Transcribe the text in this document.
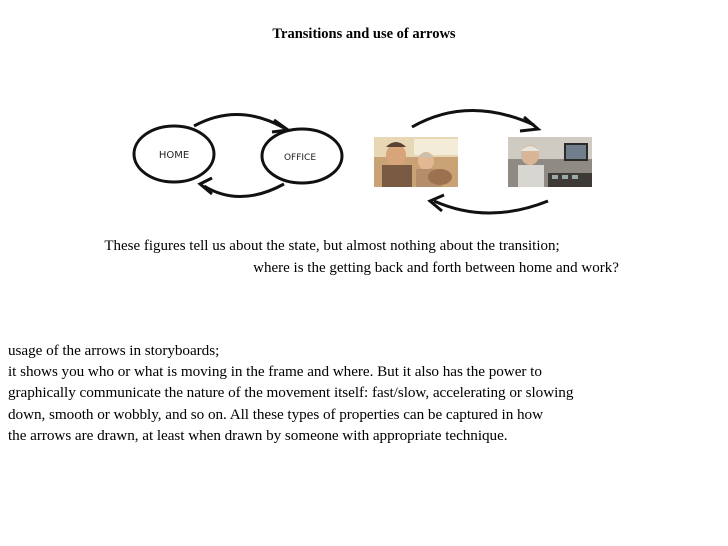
Transitions and use of arrows
HOME	OFFICE
These figures tell us about the state, but almost nothing about the transition;
where is the getting back and forth between home and work?
usage of the arrows in storyboards;
it shows you who or what is moving in the frame and where. But it also has the power to
graphically communicate the nature of the movement itself: fast/slow, accelerating or slowing
down, smooth or wobbly, and so on. All these types of properties can be captured in how
the arrows are drawn, at least when drawn by someone with appropriate technique.
